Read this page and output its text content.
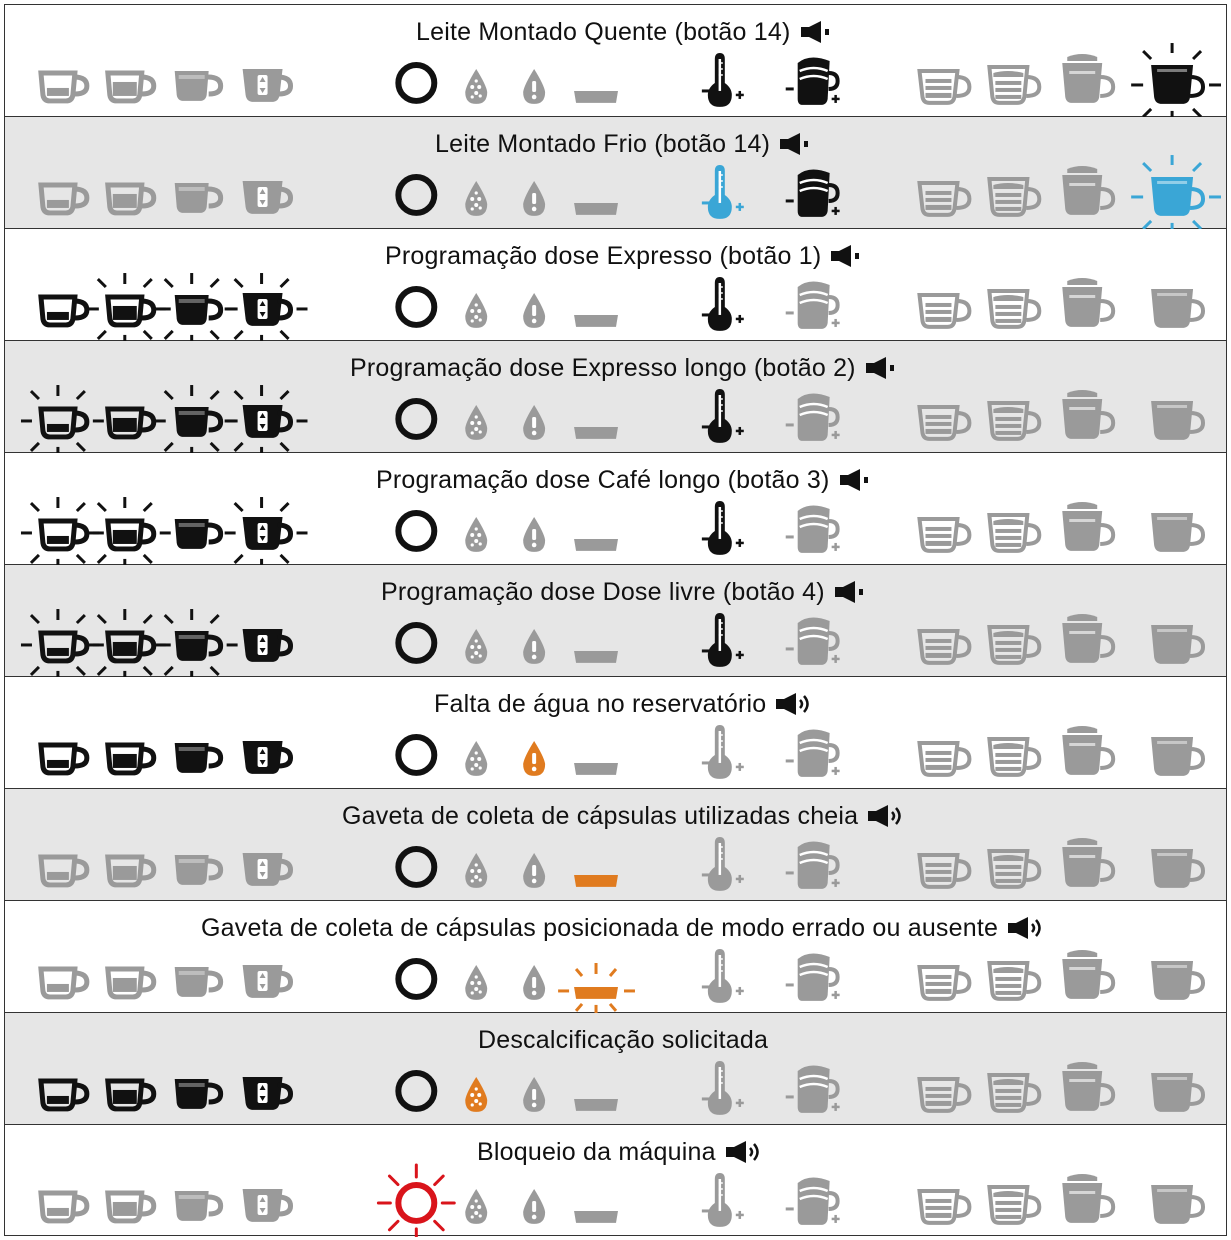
Leite Montado Quente (botão 14)
Leite Montado Frio (botão 14)
Programação dose Expresso (botão 1)
Programação dose Expresso longo (botão 2)
Programação dose Café longo (botão 3)
Programação dose Dose livre (botão 4)
Falta de água no reservatório
Gaveta de coleta de cápsulas utilizadas cheia
Gaveta de coleta de cápsulas posicionada de modo errado ou ausente
Descalcificação solicitada
Bloqueio da máquina
